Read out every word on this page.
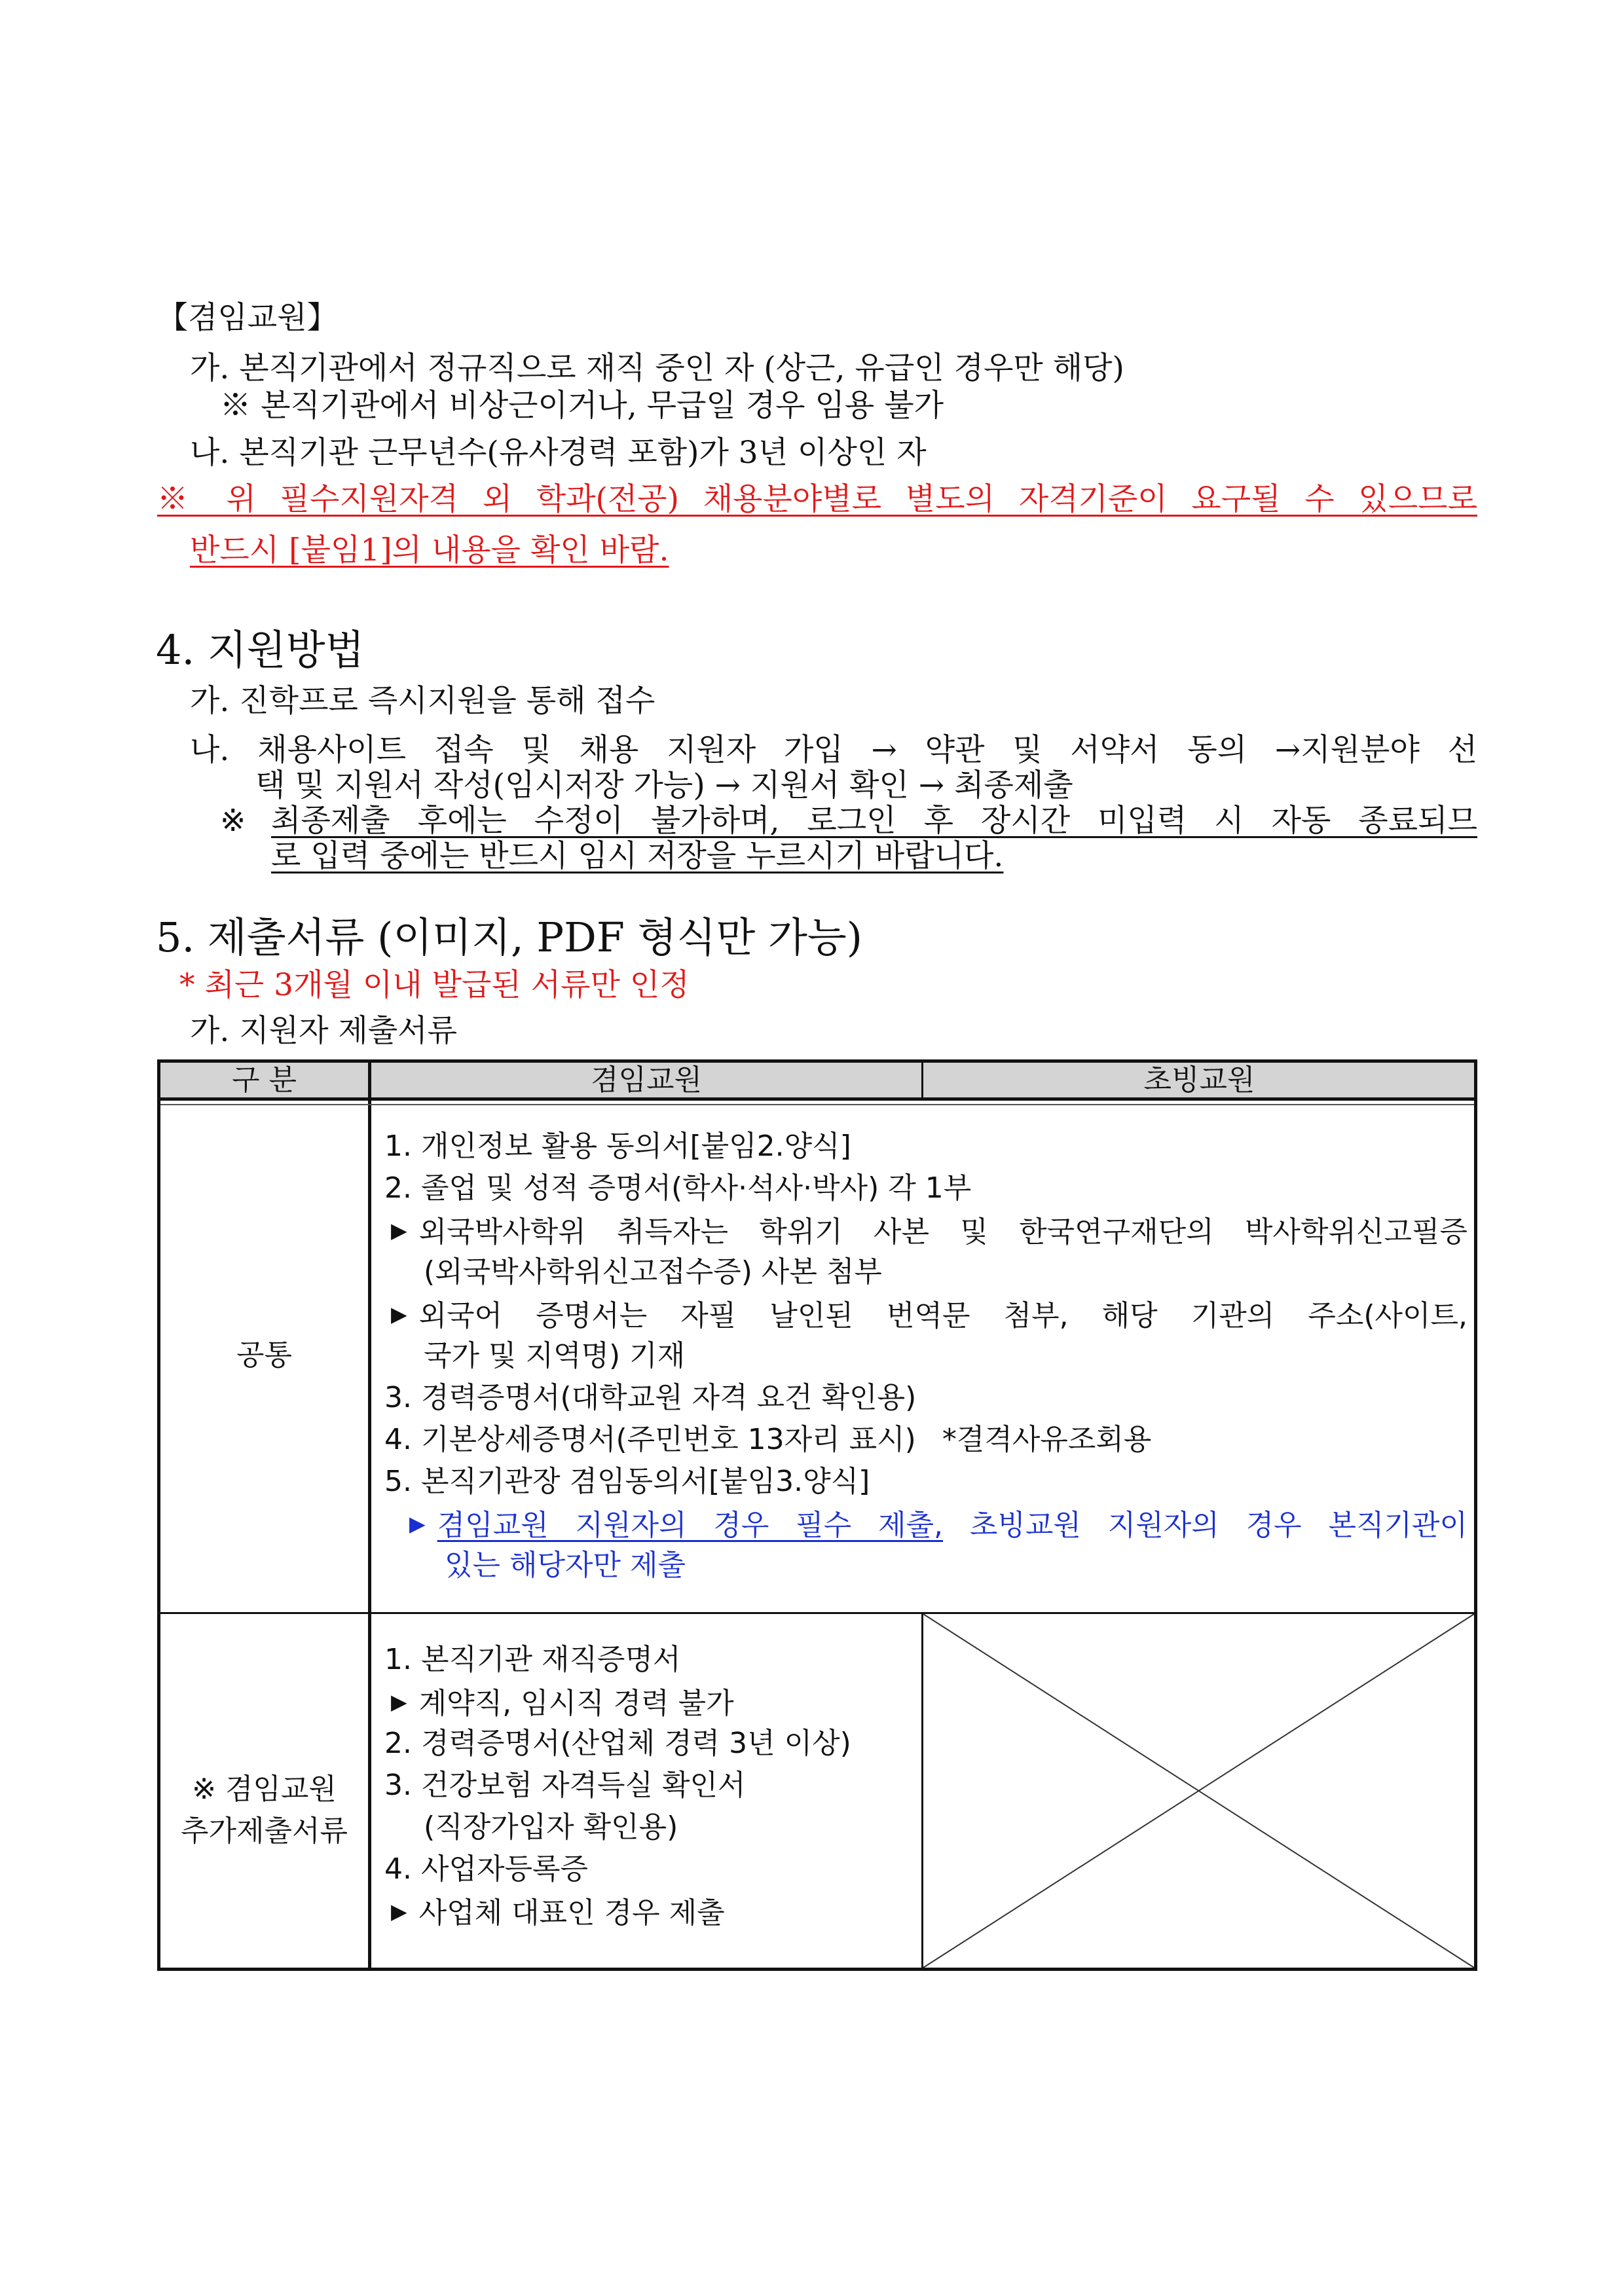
【겸임교원】
가. 본직기관에서 정규직으로 재직 중인 자 (상근, 유급인 경우만 해당)
※ 본직기관에서 비상근이거나, 무급일 경우 임용 불가
나. 본직기관 근무년수(유사경력 포함)가 3년 이상인 자
※ 위 필수지원자격 외 학과(전공) 채용분야별로 별도의 자격기준이 요구될 수 있으므로
반드시 [붙임1]의 내용을 확인 바람.
4. 지원방법
가. 진학프로 즉시지원을 통해 접수
나. 채용사이트 접속 및 채용 지원자 가입 → 약관 및 서약서 동의 →지원분야 선
택 및 지원서 작성(임시저장 가능) → 지원서 확인 → 최종제출
※ 최종제출 후에는 수정이 불가하며, 로그인 후 장시간 미입력 시 자동 종료되므
로 입력 중에는 반드시 임시 저장을 누르시기 바랍니다.
5. 제출서류 (이미지, PDF 형식만 가능)
* 최근 3개월 이내 발급된 서류만 인정
가. 지원자 제출서류
구 분	겸임교원	초빙교원
공통
1. 개인정보 활용 동의서[붙임2.양식]
2. 졸업 및 성적 증명서(학사·석사·박사) 각 1부
▶ 외국박사학위 취득자는 학위기 사본 및 한국연구재단의 박사학위신고필증
(외국박사학위신고접수증) 사본 첨부
▶ 외국어 증명서는 자필 날인된 번역문 첨부, 해당 기관의 주소(사이트,
국가 및 지역명) 기재
3. 경력증명서(대학교원 자격 요건 확인용)
4. 기본상세증명서(주민번호 13자리 표시) *결격사유조회용
5. 본직기관장 겸임동의서[붙임3.양식]
▶ 겸임교원 지원자의 경우 필수 제출, 초빙교원 지원자의 경우 본직기관이
있는 해당자만 제출
※ 겸임교원
추가제출서류
1. 본직기관 재직증명서
▶ 계약직, 임시직 경력 불가
2. 경력증명서(산업체 경력 3년 이상)
3. 건강보험 자격득실 확인서
(직장가입자 확인용)
4. 사업자등록증
▶ 사업체 대표인 경우 제출
